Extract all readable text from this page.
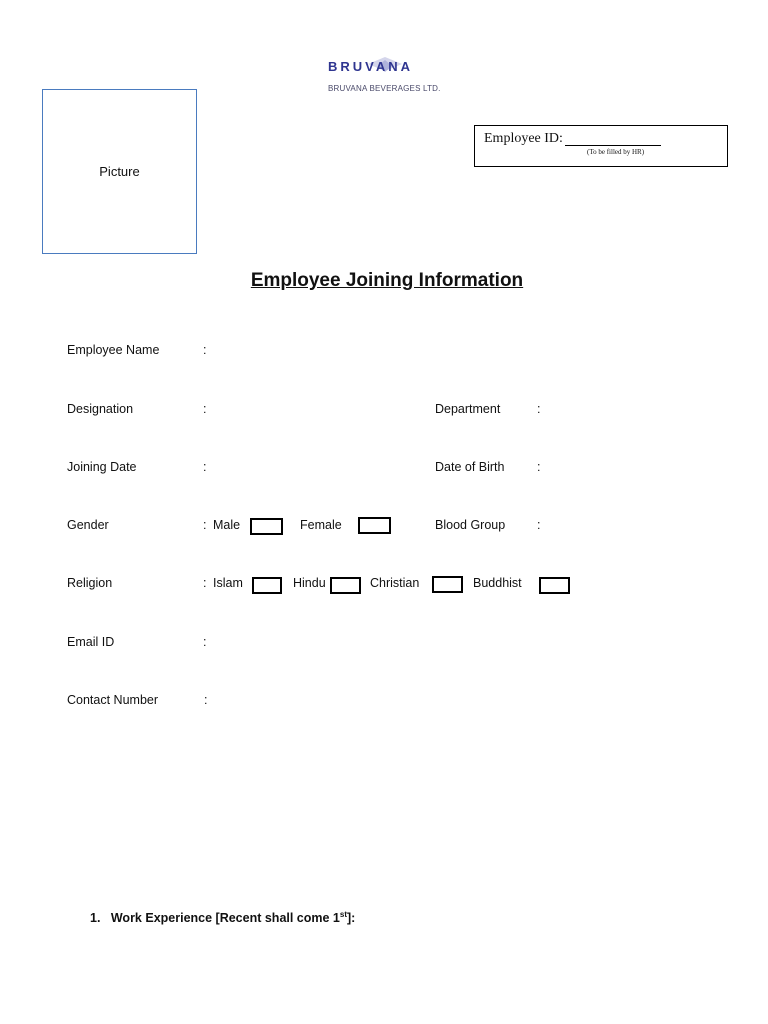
BRUVANA
BRUVANA BEVERAGES LTD.
Picture
Employee ID:
(To be filled by HR)
Employee Joining Information
Employee Name	:
Designation	:	Department	:
Joining Date	:	Date of Birth	:
Gender	: Male	Female	Blood Group	:
Religion	: Islam	Hindu	Christian	Buddhist
Email ID	:
Contact Number	:
1. Work Experience [Recent shall come 1st]:
